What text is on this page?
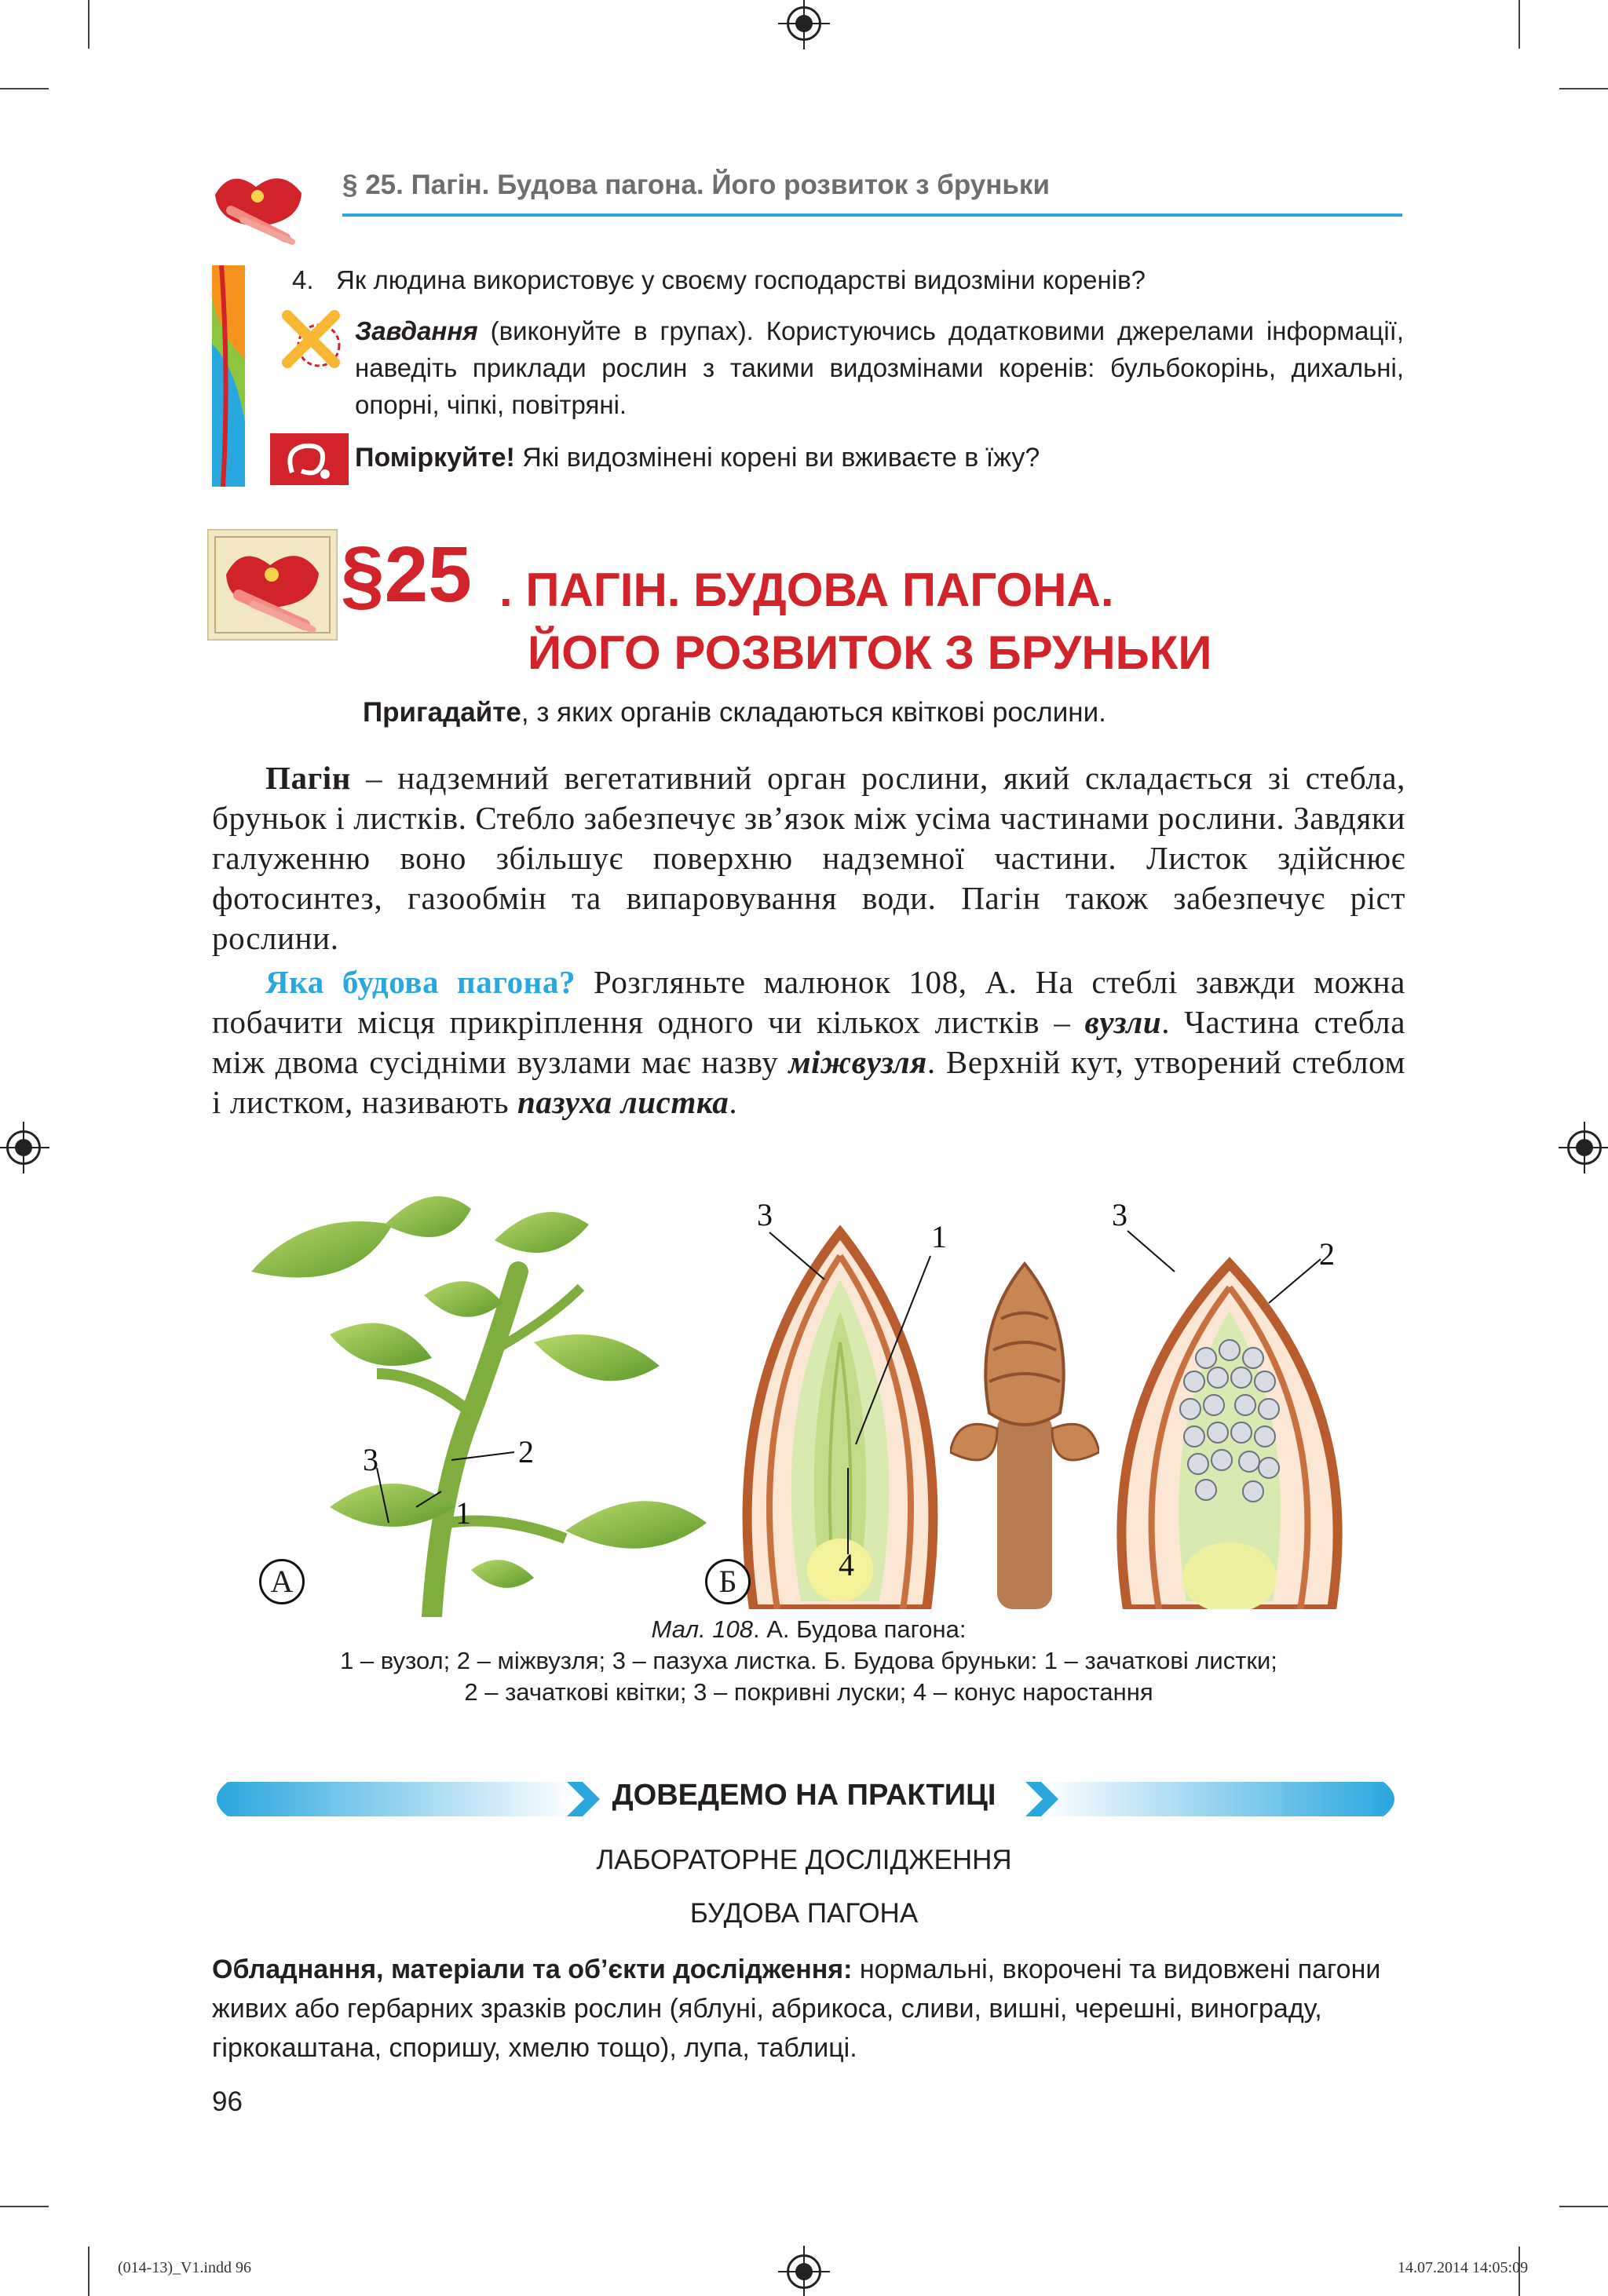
§ 25. Пагін. Будова пагона. Його розвиток з бруньки
4. Як людина використовує у своєму господарстві видозміни коренів?
Завдання (виконуйте в групах). Користуючись додатковими джерелами інформації, наведіть приклади рослин з такими видозмінами коренів: бульбокорінь, дихальні, опорні, чіпкі, повітряні.
Поміркуйте! Які видозмінені корені ви вживаєте в їжу?
§25 . ПАГІН. БУДОВА ПАГОНА.
ЙОГО РОЗВИТОК З БРУНЬКИ
Пригадайте, з яких органів складаються квіткові рослини.

Пагін – надземний вегетативний орган рослини, який складається зі стебла, бруньок і листків. Стебло забезпечує зв’язок між усіма частинами рослини. Завдяки галуженню воно збільшує поверхню надземної частини. Листок здійснює фотосинтез, газообмін та випаровування води. Пагін також забезпечує ріст рослини.

Яка будова пагона? Розгляньте малюнок 108, А. На стеблі завжди можна побачити місця прикріплення одного чи кількох листків – вузли. Частина стебла між двома сусідніми вузлами має назву міжвузля. Верхній кут, утворений стеблом і листком, називають пазуха листка.

3	2
1
А
3
1
4
Б
3
2
Мал. 108. А. Будова пагона:
1 – вузол; 2 – міжвузля; 3 – пазуха листка. Б. Будова бруньки: 1 – зачаткові листки;
2 – зачаткові квітки; 3 – покривні луски; 4 – конус наростання
ДОВЕДЕМО НА ПРАКТИЦІ
ЛАБОРАТОРНЕ ДОСЛІДЖЕННЯ
БУДОВА ПАГОНА
Обладнання, матеріали та об’єкти дослідження: нормальні, вкорочені та видовжені пагони живих або гербарних зразків рослин (яблуні, абрикоса, сливи, вишні, черешні, винограду, гіркокаштана, споришу, хмелю тощо), лупа, таблиці.
96
(014-13)_V1.indd 96	14.07.2014 14:05:09
